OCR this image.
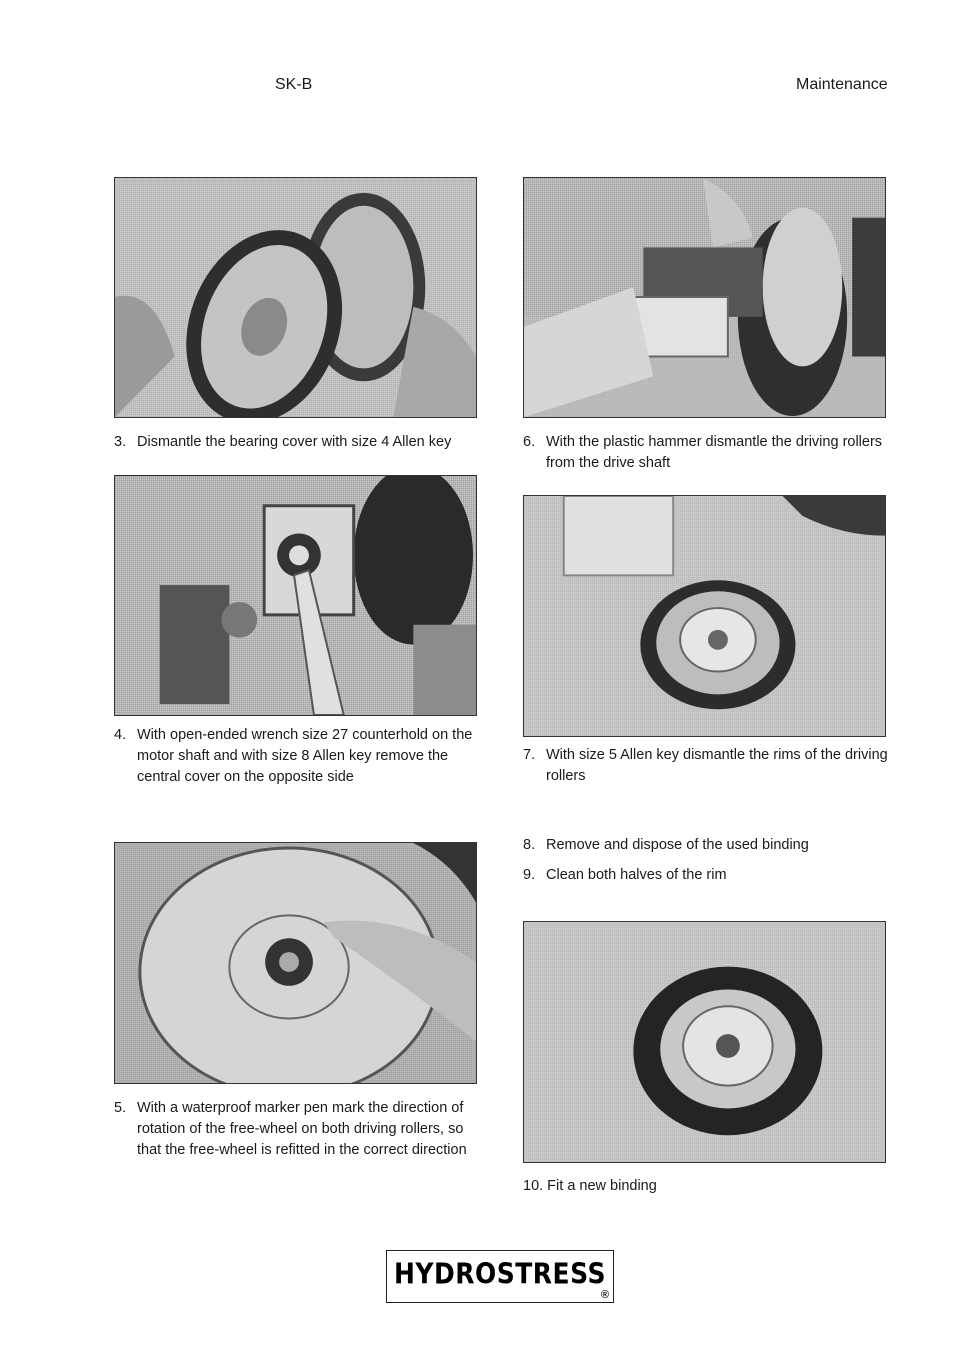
SK-B	Maintenance
3. Dismantle the bearing cover with size 4 Allen key
4. With open-ended wrench size 27 counterhold on the motor shaft and with size 8 Allen key remove the central cover on the opposite side
5. With a waterproof marker pen mark the direction of rotation of the free-wheel on both driving rollers, so that the free-wheel is refitted in the correct direction
6. With the plastic hammer dismantle the driving rollers from the drive shaft
7. With size 5 Allen key dismantle the rims of the driving rollers
8. Remove and dispose of the used binding
9. Clean both halves of the rim
10. Fit a new binding
HYDROSTRESS
®
